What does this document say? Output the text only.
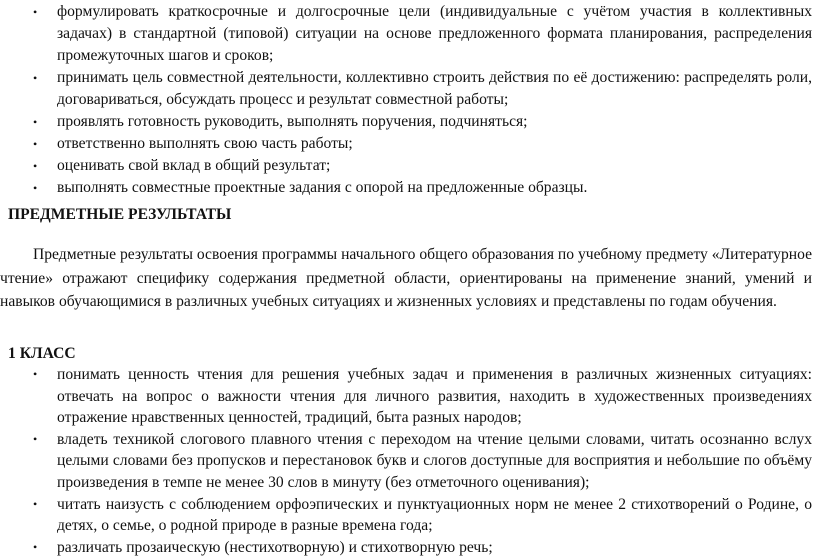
• формулировать краткосрочные и долгосрочные цели (индивидуальные с учётом участия в коллективных задачах) в стандартной (типовой) ситуации на основе предложенного формата планирования, распределения промежуточных шагов и сроков;
• принимать цель совместной деятельности, коллективно строить действия по её достижению: распределять роли, договариваться, обсуждать процесс и результат совместной работы;
• проявлять готовность руководить, выполнять поручения, подчиняться;
• ответственно выполнять свою часть работы;
• оценивать свой вклад в общий результат;
• выполнять совместные проектные задания с опорой на предложенные образцы.
ПРЕДМЕТНЫЕ РЕЗУЛЬТАТЫ

Предметные результаты освоения программы начального общего образования по учебному предмету «Литературное чтение» отражают специфику содержания предметной области, ориентированы на применение знаний, умений и навыков обучающимися в различных учебных ситуациях и жизненных условиях и представлены по годам обучения.

1 КЛАСС
• понимать ценность чтения для решения учебных задач и применения в различных жизненных ситуациях: отвечать на вопрос о важности чтения для личного развития, находить в художественных произведениях отражение нравственных ценностей, традиций, быта разных народов;
• владеть техникой слогового плавного чтения с переходом на чтение целыми словами, читать осознанно вслух целыми словами без пропусков и перестановок букв и слогов доступные для восприятия и небольшие по объёму произведения в темпе не менее 30 слов в минуту (без отметочного оценивания);
• читать наизусть с соблюдением орфоэпических и пунктуационных норм не менее 2 стихотворений о Родине, о детях, о семье, о родной природе в разные времена года;
• различать прозаическую (нестихотворную) и стихотворную речь;
